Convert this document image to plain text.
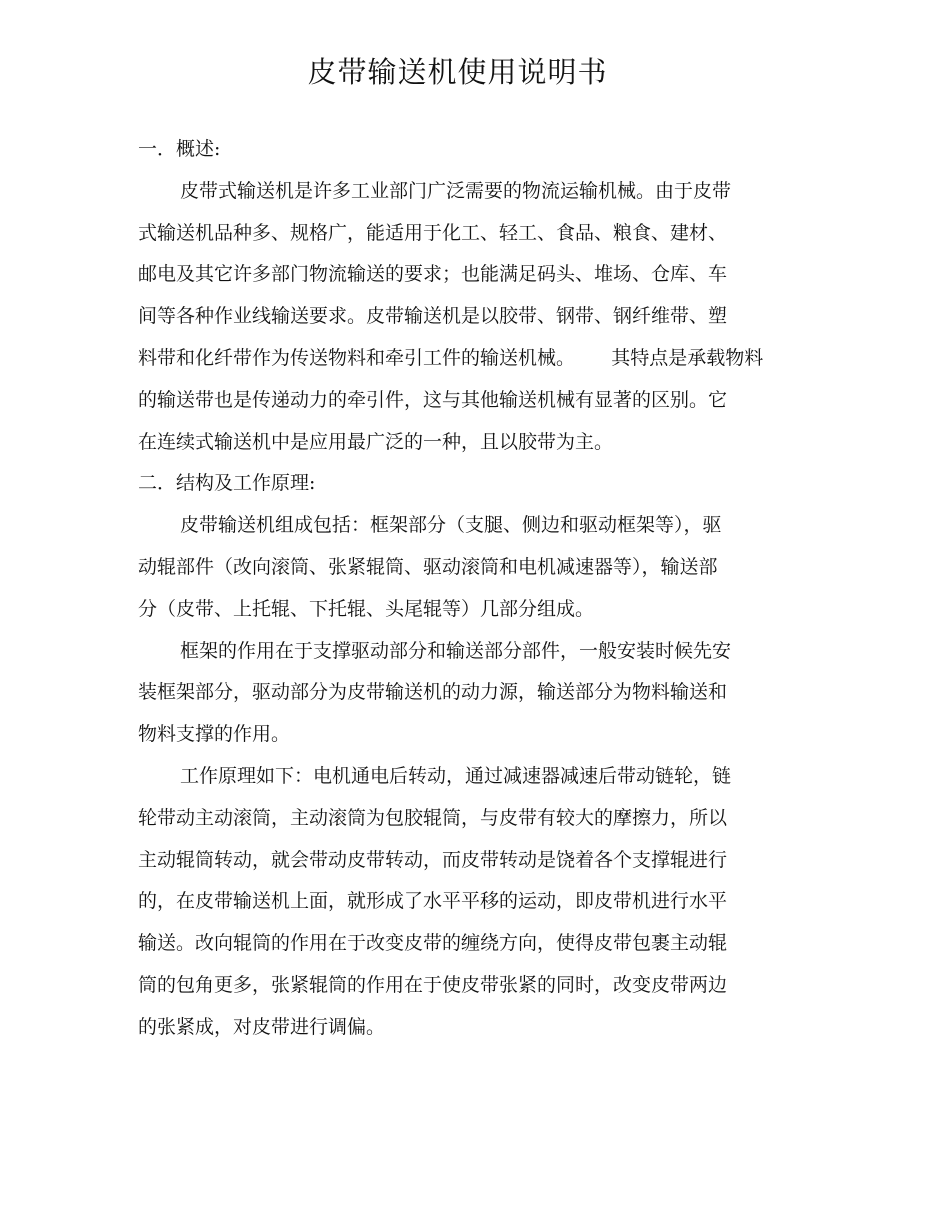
皮带输送机使用说明书
一．概述:
皮带式输送机是许多工业部门广泛需要的物流运输机械。由于皮带
式输送机品种多、规格广，能适用于化工、轻工、食品、粮食、建材、
邮电及其它许多部门物流输送的要求；也能满足码头、堆场、仓库、车
间等各种作业线输送要求。皮带输送机是以胶带、钢带、钢纤维带、塑
料带和化纤带作为传送物料和牵引工件的输送机械。      其特点是承载物料
的输送带也是传递动力的牵引件，这与其他输送机械有显著的区别。它
在连续式输送机中是应用最广泛的一种，且以胶带为主。
二．结构及工作原理:
皮带输送机组成包括：框架部分（支腿、侧边和驱动框架等），驱
动辊部件（改向滚筒、张紧辊筒、驱动滚筒和电机减速器等），输送部
分（皮带、上托辊、下托辊、头尾辊等）几部分组成。
框架的作用在于支撑驱动部分和输送部分部件，一般安装时候先安
装框架部分，驱动部分为皮带输送机的动力源，输送部分为物料输送和
物料支撑的作用。
工作原理如下：电机通电后转动，通过减速器减速后带动链轮，链
轮带动主动滚筒，主动滚筒为包胶辊筒，与皮带有较大的摩擦力，所以
主动辊筒转动，就会带动皮带转动，而皮带转动是饶着各个支撑辊进行
的，在皮带输送机上面，就形成了水平平移的运动，即皮带机进行水平
输送。改向辊筒的作用在于改变皮带的缠绕方向，使得皮带包裹主动辊
筒的包角更多，张紧辊筒的作用在于使皮带张紧的同时，改变皮带两边
的张紧成，对皮带进行调偏。
